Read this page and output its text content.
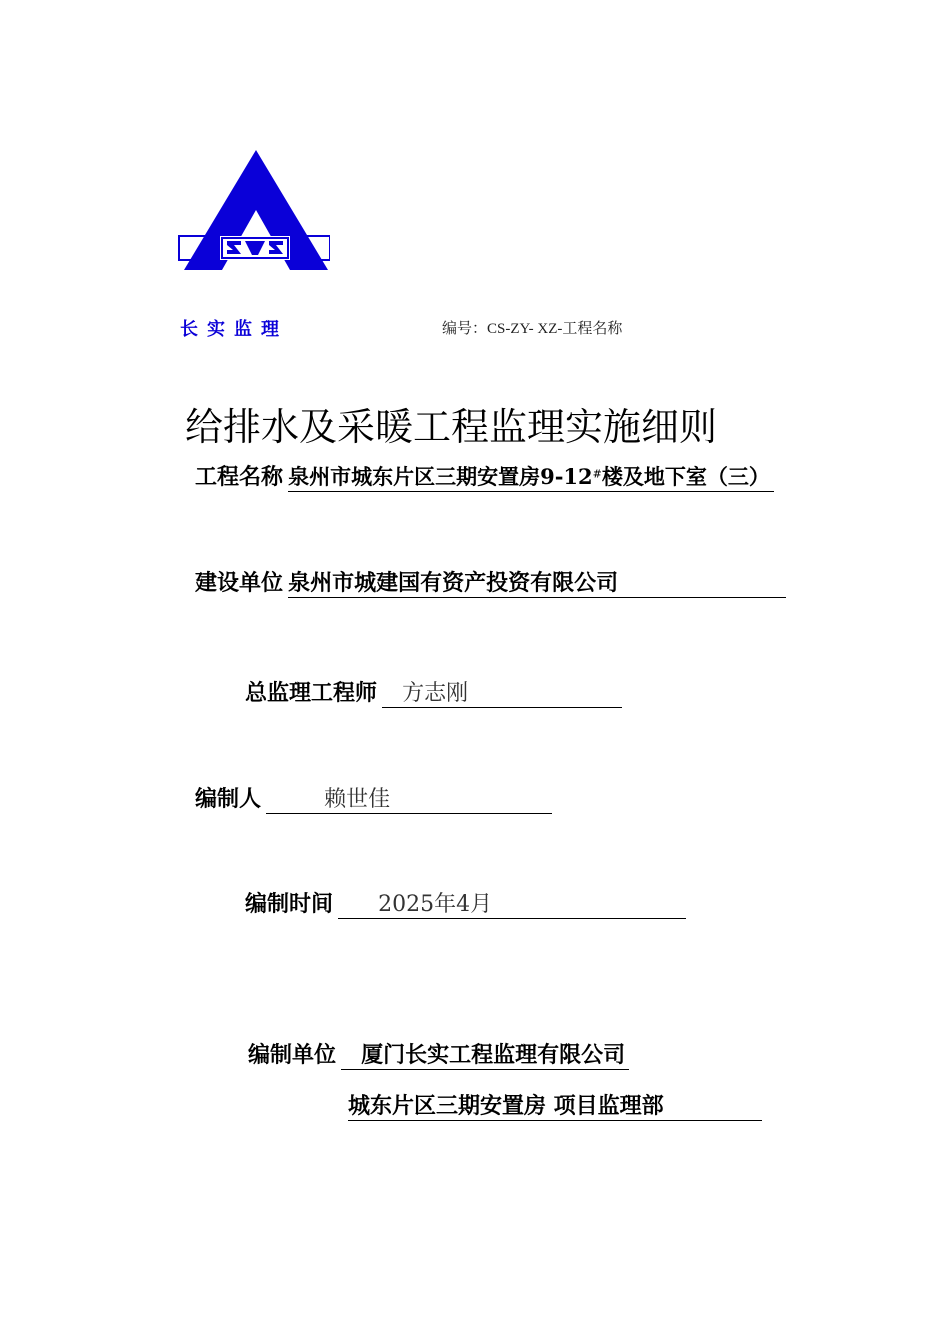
长实监理	编号：CS-ZY- XZ-工程名称
给排水及采暖工程监理实施细则
工程名称 泉州市城东片区三期安置房9-12#楼及地下室（三）
建设单位 泉州市城建国有资产投资有限公司
总监理工程师 方志刚
编制人	赖世佳
编制时间 2025年4月
编制单位 厦门长实工程监理有限公司
城东片区三期安置房 项目监理部
